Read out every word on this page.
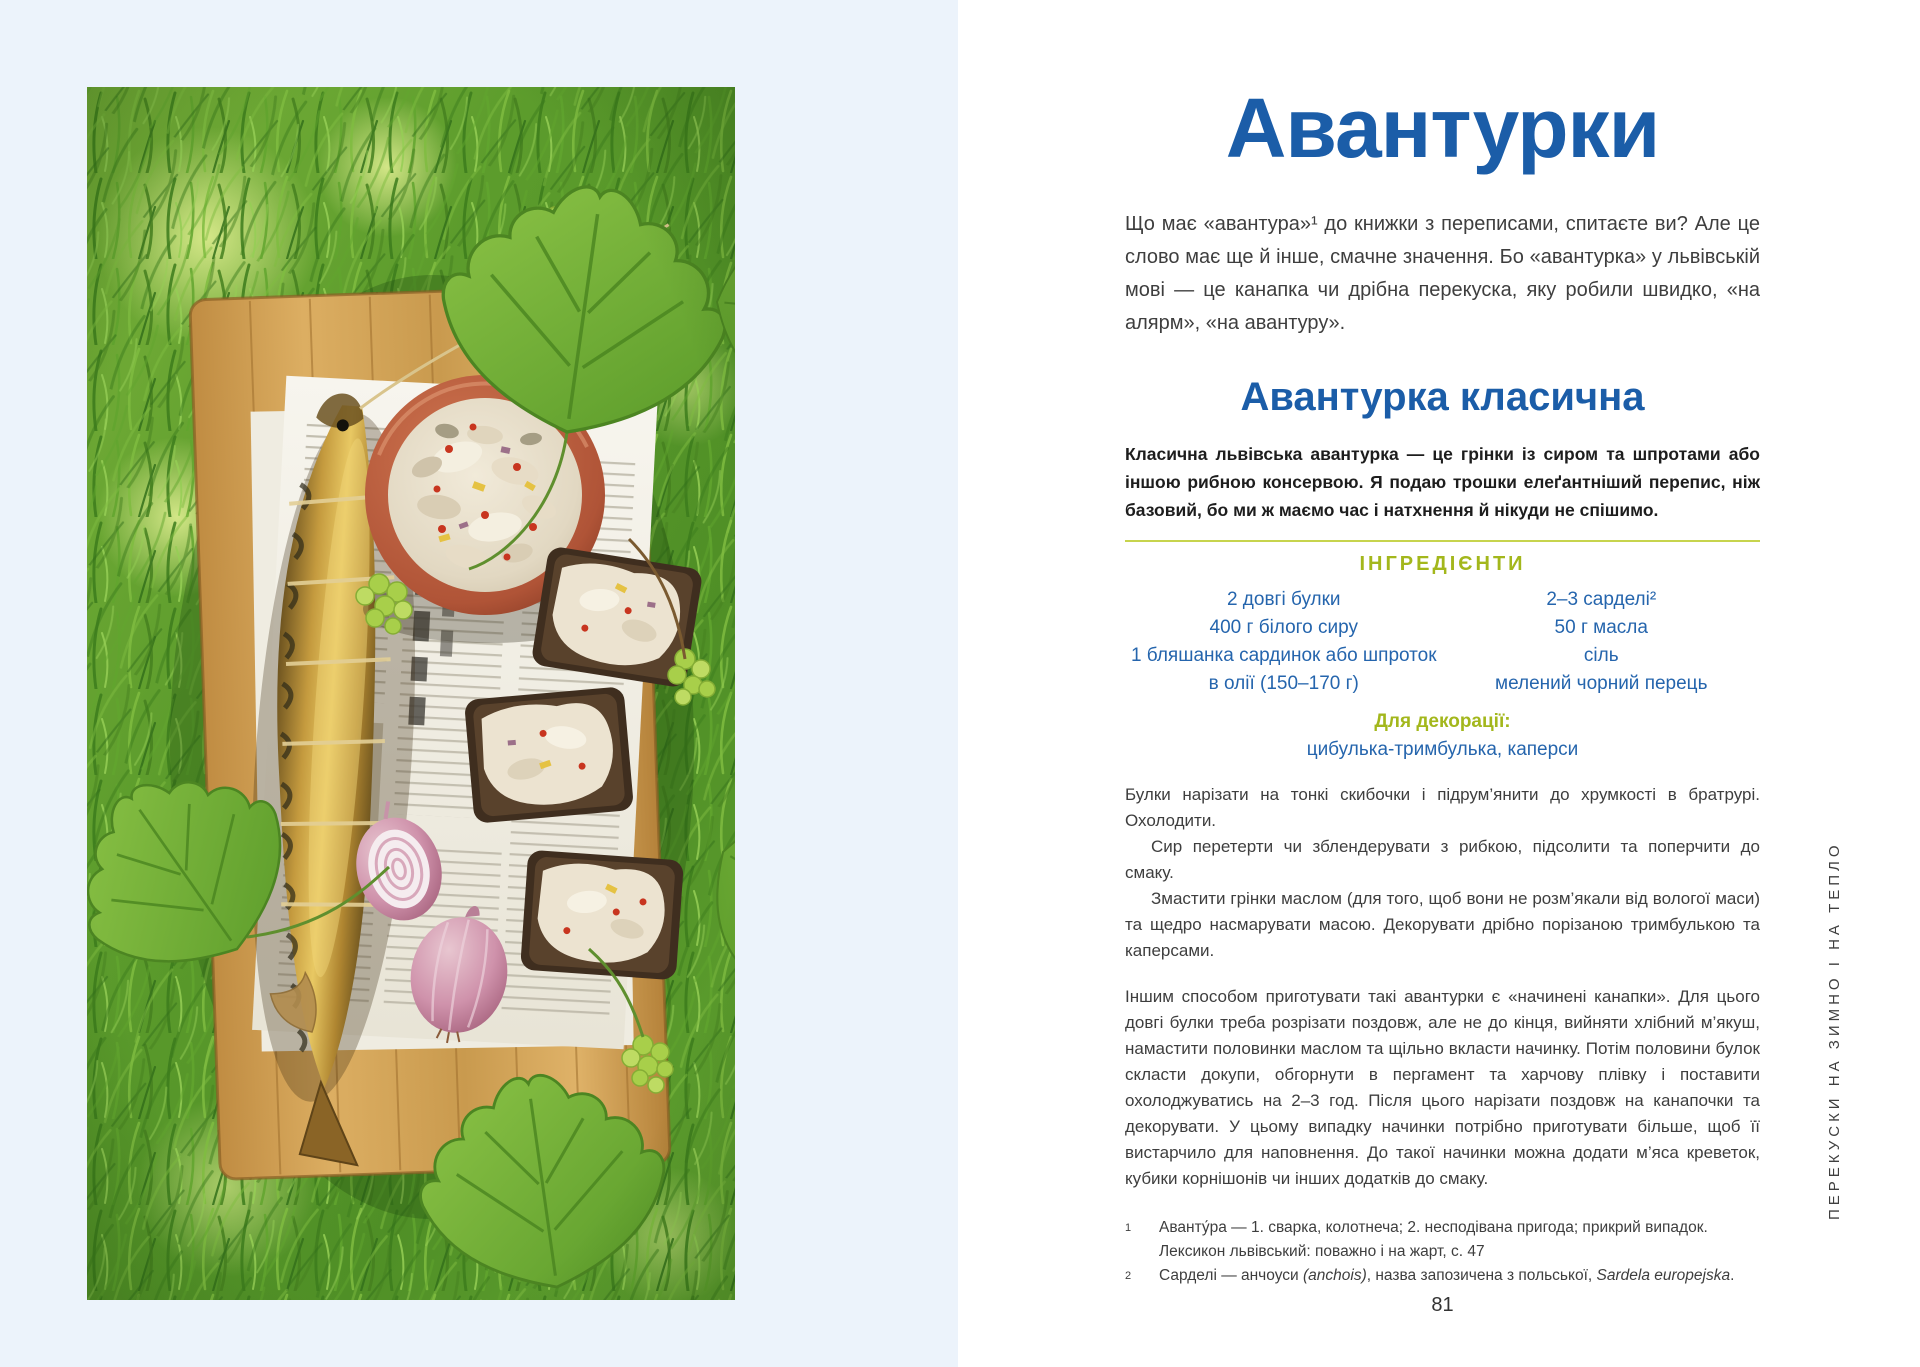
Авантурки

Що має «авантура»¹ до книжки з переписами, спитаєте ви? Але це слово має ще й інше, смачне значення. Бо «авантурка» у львівській мові — це канапка чи дрібна перекуска, яку робили швидко, «на алярм», «на авантуру».

Авантурка класична

Класична львівська авантурка — це грінки із сиром та шпротами або іншою рибною консервою. Я подаю трошки елеґантніший перепис, ніж базовий, бо ми ж маємо час і натхнення й нікуди не спішимо.

ІНГРЕДІЄНТИ
2 довгі булки
400 г білого сиру
1 бляшанка сардинок або шпроток в олії (150–170 г)
2–3 сарделі²
50 г масла
сіль
мелений чорний перець
Для декорації:
цибулька-тримбулька, каперси

Булки нарізати на тонкі скибочки і підрум’янити до хрумкості в братрурі. Охолодити.

Сир перетерти чи зблендерувати з рибкою, підсолити та поперчити до смаку.

Змастити грінки маслом (для того, щоб вони не розм’якали від вологої маси) та щедро насмарувати масою. Декорувати дрібно порізаною тримбулькою та каперсами.

Іншим способом приготувати такі авантурки є «начинені канапки». Для цього довгі булки треба розрізати поздовж, але не до кінця, вийняти хлібний м’якуш, намастити половинки маслом та щільно вкласти начинку. Потім половини булок скласти докупи, обгорнути в пергамент та харчову плівку і поставити охолоджуватись на 2–3 год. Після цього нарізати поздовж на канапочки та декорувати. У цьому випадку начинки потрібно приготувати більше, щоб її вистарчило для наповнення. До такої начинки можна додати м’яса креветок, кубики корнішонів чи інших додатків до смаку.

1	Аванту́ра — 1. сварка, колотнеча; 2. несподівана пригода; прикрий випадок. Лексикон львівський: поважно і на жарт, с. 47
2	Сарделі — анчоуси (anchois), назва запозичена з польської, Sardela europejska.
81
ПЕРЕКУСКИ НА ЗИМНО І НА ТЕПЛО
